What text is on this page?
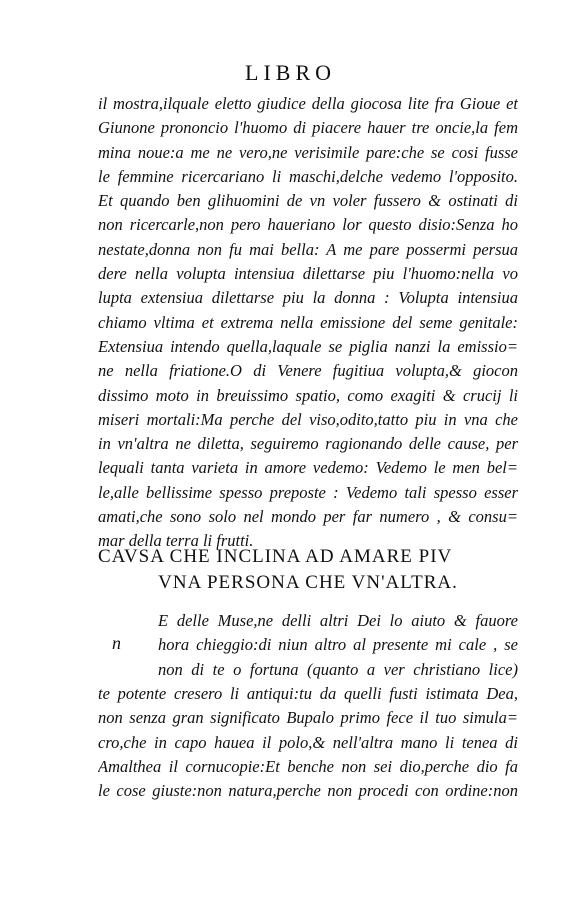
LIBRO
il mostra,ilquale eletto giudice della giocosa lite fra Gioue et
Giunone prononcio l'huomo di piacere hauer tre oncie,la fem
mina noue:a me ne vero,ne verisimile pare:che se cosi fusse
le femmine ricercariano li maschi,delche vedemo l'opposito.
Et quando ben glihuomini de vn voler fussero & ostinati di
non ricercarle,non pero haueriano lor questo disio:Senza ho
nestate,donna non fu mai bella: A me pare possermi persua
dere nella volupta intensiua dilettarse piu l'huomo:nella vo
lupta extensiua dilettarse piu la donna : Volupta intensiua
chiamo vltima et extrema nella emissione del seme genitale:
Extensiua intendo quella,laquale se piglia nanzi la emissio=
ne nella friatione.O di Venere fugitiua volupta,& giocon
dissimo moto in breuissimo spatio, como exagiti & crucij li
miseri mortali:Ma perche del viso,odito,tatto piu in vna che
in vn'altra ne diletta, seguiremo ragionando delle cause, per
lequali tanta varieta in amore vedemo: Vedemo le men bel=
le,alle bellissime spesso preposte : Vedemo tali spesso esser
amati,che sono solo nel mondo per far numero , & consu=
mar della terra li frutti.
CAVSA CHE INCLINA AD AMARE PIV
VNA PERSONA CHE VN'ALTRA.
E delle Muse,ne delli altri Dei lo aiuto & fauore
hora chieggio:di niun altro al presente mi cale , se
non di te o fortuna (quanto a ver christiano lice)
n
te potente cresero li antiqui:tu da quelli fusti istimata Dea,
non senza gran significato Bupalo primo fece il tuo simula=
cro,che in capo hauea il polo,& nell'altra mano li tenea di
Amalthea il cornucopie:Et benche non sei dio,perche dio fa
le cose giuste:non natura,perche non procedi con ordine:non
